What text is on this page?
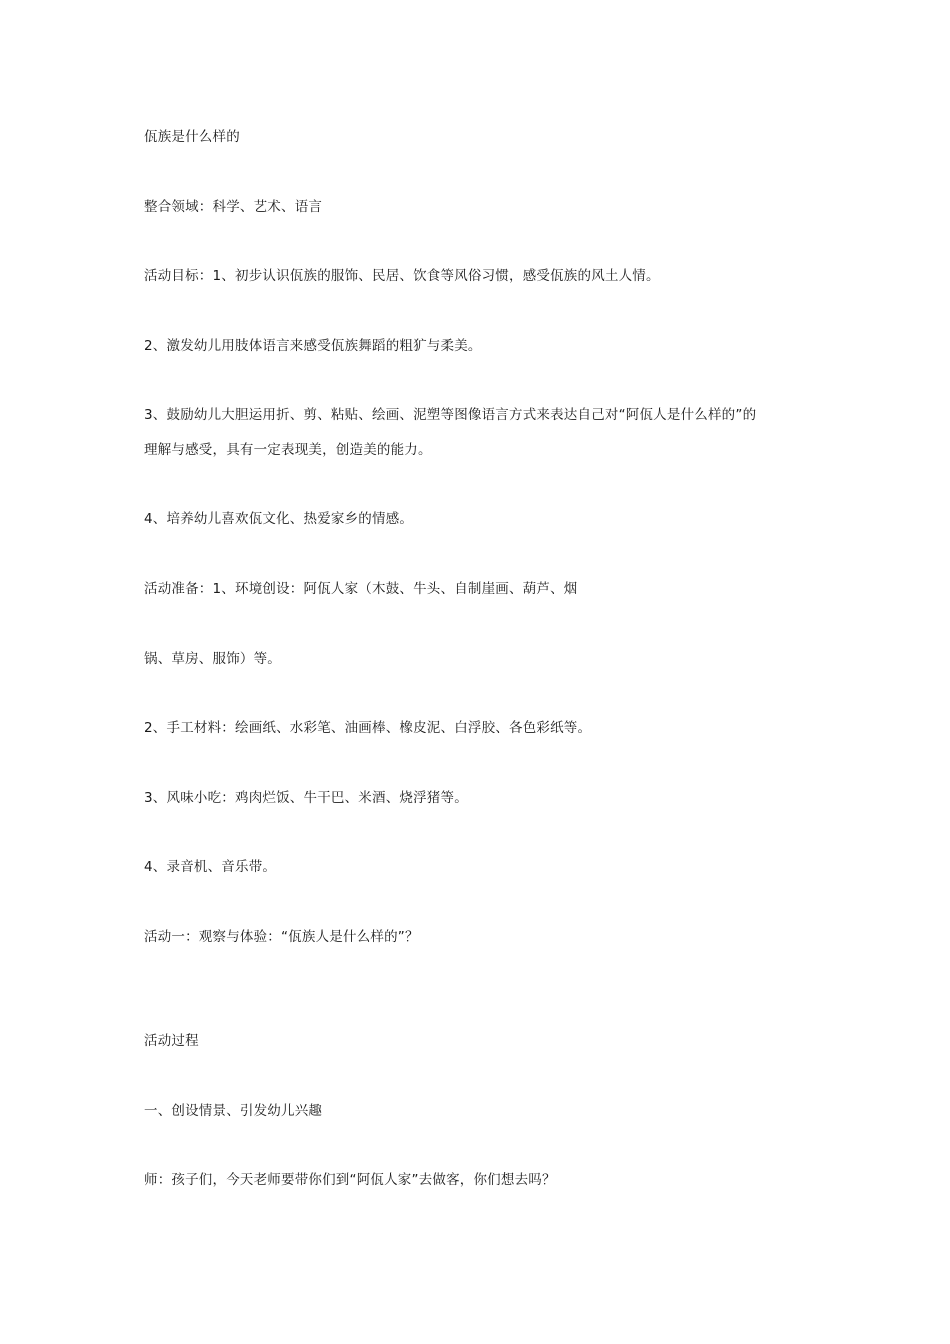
佤族是什么样的
整合领域：科学、艺术、语言
活动目标：1、初步认识佤族的服饰、民居、饮食等风俗习惯，感受佤族的风土人情。
2、激发幼儿用肢体语言来感受佤族舞蹈的粗犷与柔美。
3、鼓励幼儿大胆运用折、剪、粘贴、绘画、泥塑等图像语言方式来表达自己对“阿佤人是什么样的”的
理解与感受，具有一定表现美，创造美的能力。
4、培养幼儿喜欢佤文化、热爱家乡的情感。
活动准备：1、环境创设：阿佤人家（木鼓、牛头、自制崖画、葫芦、烟
锅、草房、服饰）等。
2、手工材料：绘画纸、水彩笔、油画棒、橡皮泥、白浮胶、各色彩纸等。
3、风味小吃：鸡肉烂饭、牛干巴、米酒、烧浮猪等。
4、录音机、音乐带。
活动一：观察与体验：“佤族人是什么样的”？
活动过程
一、创设情景、引发幼儿兴趣
师：孩子们，今天老师要带你们到“阿佤人家”去做客，你们想去吗？
